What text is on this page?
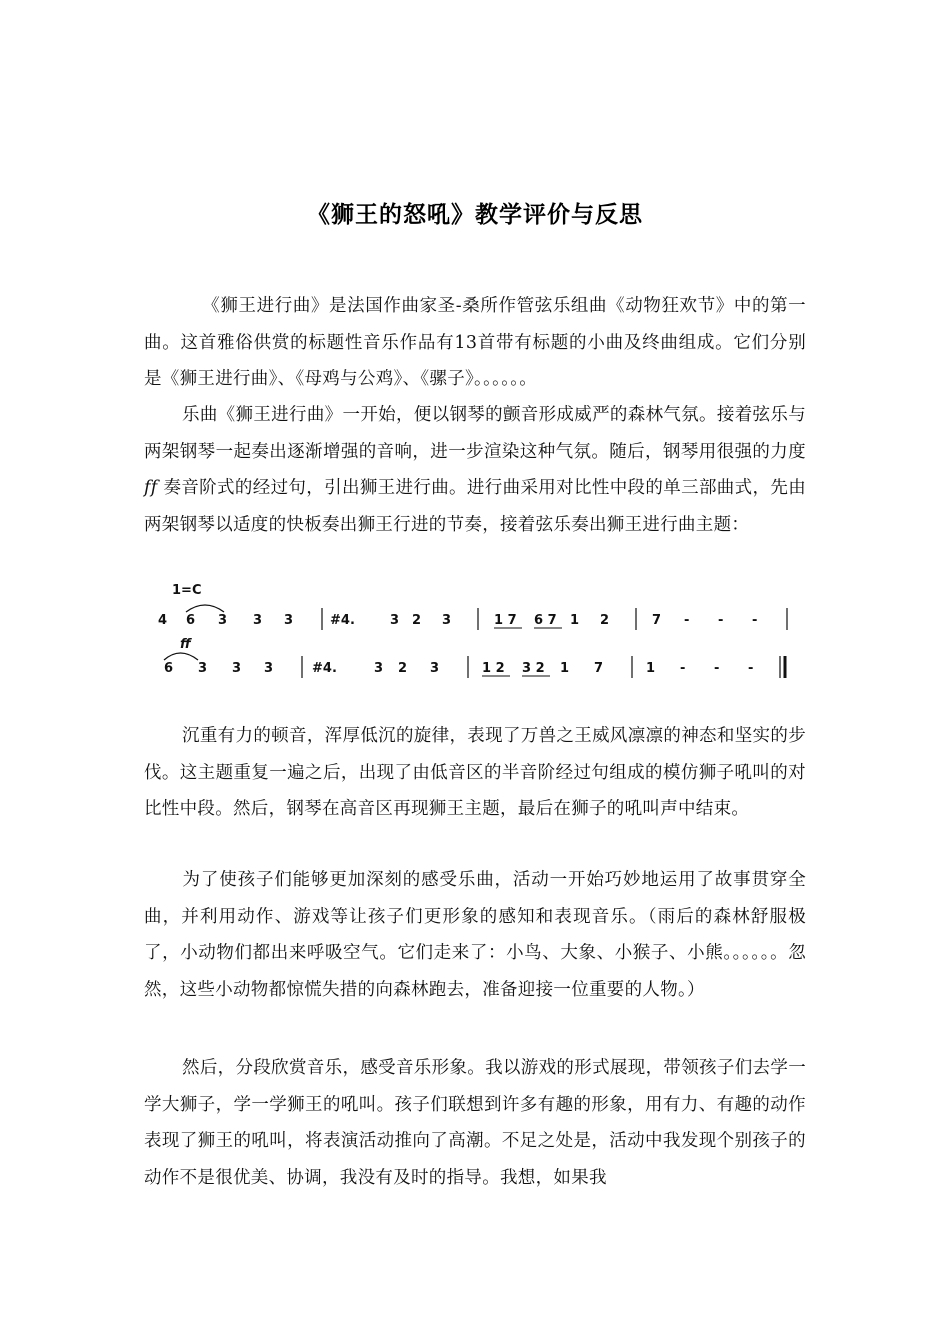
《狮王的怒吼》教学评价与反思

《狮王进行曲》是法国作曲家圣-桑所作管弦乐组曲《动物狂欢节》中的第一曲。这首雅俗供赏的标题性音乐作品有13首带有标题的小曲及终曲组成。它们分别是《狮王进行曲》、《母鸡与公鸡》、《骡子》。。。。。。

乐曲《狮王进行曲》一开始，便以钢琴的颤音形成威严的森林气氛。接着弦乐与两架钢琴一起奏出逐渐增强的音响，进一步渲染这种气氛。随后，钢琴用很强的力度ff 奏音阶式的经过句，引出狮王进行曲。进行曲采用对比性中段的单三部曲式，先由两架钢琴以适度的快板奏出狮王行进的节奏，接着弦乐奏出狮王进行曲主题：

1=C
4 6 3 3 3	#4.	3 2 3	1 7 6 7 1 2	7 - - -
ff
6 3 3 3	#4.	3 2 3	1 2 3 2 1 7	1 - - -

沉重有力的顿音，浑厚低沉的旋律，表现了万兽之王威风凛凛的神态和坚实的步伐。这主题重复一遍之后，出现了由低音区的半音阶经过句组成的模仿狮子吼叫的对比性中段。然后，钢琴在高音区再现狮王主题，最后在狮子的吼叫声中结束。

为了使孩子们能够更加深刻的感受乐曲，活动一开始巧妙地运用了故事贯穿全曲，并利用动作、游戏等让孩子们更形象的感知和表现音乐。（雨后的森林舒服极了，小动物们都出来呼吸空气。它们走来了：小鸟、大象、小猴子、小熊。。。。。。忽然，这些小动物都惊慌失措的向森林跑去，准备迎接一位重要的人物。）

然后，分段欣赏音乐，感受音乐形象。我以游戏的形式展现，带领孩子们去学一学大狮子，学一学狮王的吼叫。孩子们联想到许多有趣的形象，用有力、有趣的动作表现了狮王的吼叫，将表演活动推向了高潮。不足之处是，活动中我发现个别孩子的动作不是很优美、协调，我没有及时的指导。我想，如果我
